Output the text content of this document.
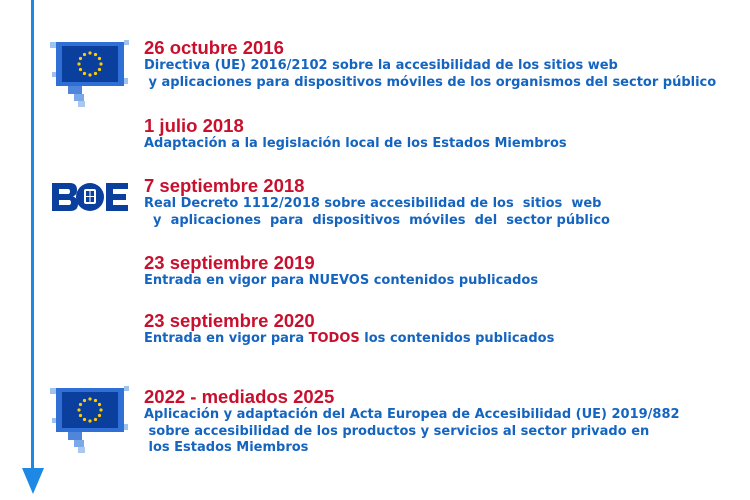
26 octubre 2016
Directiva (UE) 2016/2102 sobre la accesibilidad de los sitios web
y aplicaciones para dispositivos móviles de los organismos del sector público
1 julio 2018
Adaptación a la legislación local de los Estados Miembros
7 septiembre 2018
Real Decreto 1112/2018 sobre accesibilidad de los  sitios  web
y  aplicaciones  para  dispositivos  móviles  del  sector público
23 septiembre 2019
Entrada en vigor para NUEVOS contenidos publicados
23 septiembre 2020
Entrada en vigor para TODOS los contenidos publicados
2022 - mediados 2025
Aplicación y adaptación del Acta Europea de Accesibilidad (UE) 2019/882
sobre accesibilidad de los productos y servicios al sector privado en
los Estados Miembros
